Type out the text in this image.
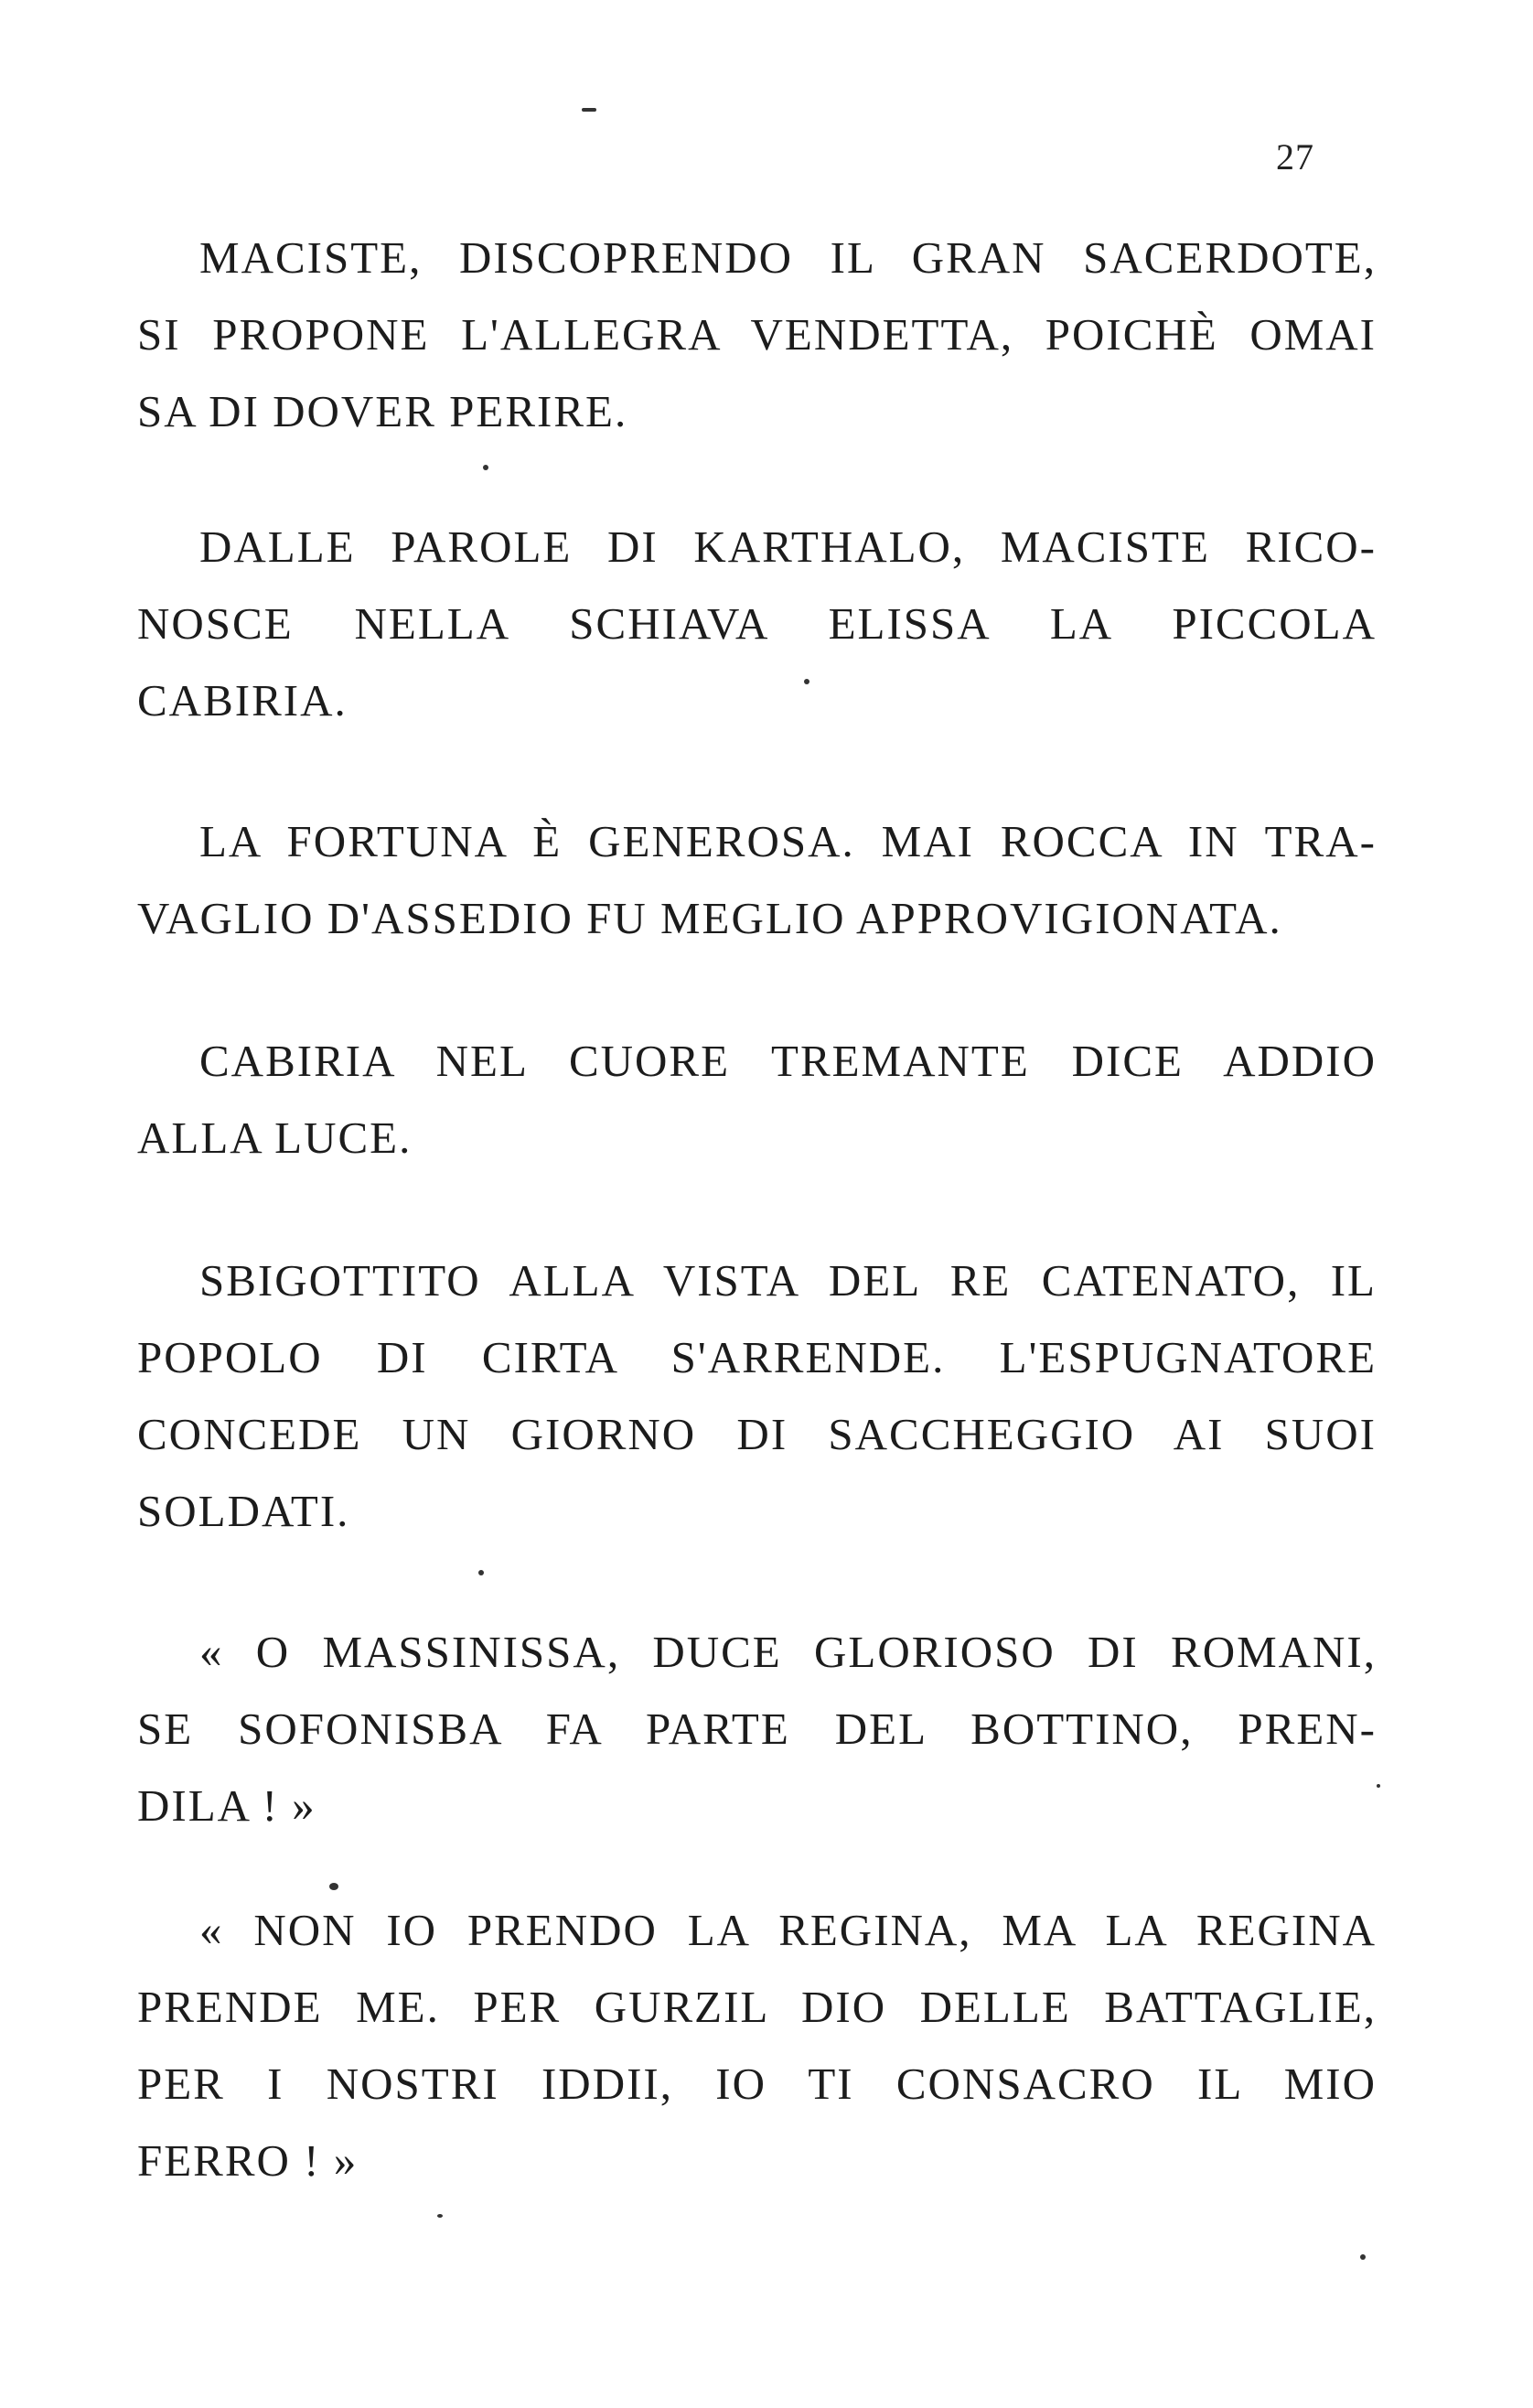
27
MACISTE, DISCOPRENDO IL GRAN SACERDOTE,
SI PROPONE L'ALLEGRA VENDETTA, POICHÈ OMAI
SA DI DOVER PERIRE.
DALLE PAROLE DI KARTHALO, MACISTE RICO-
NOSCE NELLA SCHIAVA ELISSA LA PICCOLA
CABIRIA.
LA FORTUNA È GENEROSA. MAI ROCCA IN TRA-
VAGLIO D'ASSEDIO FU MEGLIO APPROVIGIONATA.
CABIRIA NEL CUORE TREMANTE DICE ADDIO
ALLA LUCE.
SBIGOTTITO ALLA VISTA DEL RE CATENATO, IL
POPOLO DI CIRTA S'ARRENDE. L'ESPUGNATORE
CONCEDE UN GIORNO DI SACCHEGGIO AI SUOI
SOLDATI.
« O MASSINISSA, DUCE GLORIOSO DI ROMANI,
SE SOFONISBA FA PARTE DEL BOTTINO, PREN-
DILA ! »
« NON IO PRENDO LA REGINA, MA LA REGINA
PRENDE ME. PER GURZIL DIO DELLE BATTAGLIE,
PER I NOSTRI IDDII, IO TI CONSACRO IL MIO
FERRO ! »
